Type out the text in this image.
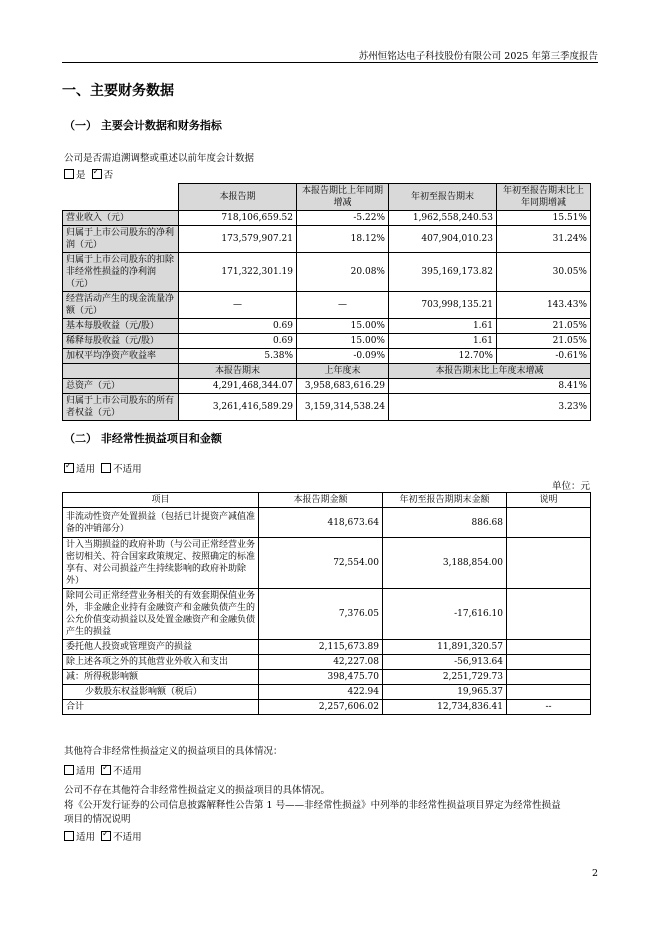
苏州恒铭达电子科技股份有限公司 2025 年第三季度报告
一、主要财务数据
（一） 主要会计数据和财务指标
公司是否需追溯调整或重述以前年度会计数据
是 ✓ 否
	本报告期	本报告期比上年同期增减	年初至报告期末	年初至报告期末比上年同期增减
营业收入（元）	718,106,659.52	-5.22%	1,962,558,240.53	15.51%
归属于上市公司股东的净利润（元）	173,579,907.21	18.12%	407,904,010.23	31.24%
归属于上市公司股东的扣除非经常性损益的净利润（元）	171,322,301.19	20.08%	395,169,173.82	30.05%
经营活动产生的现金流量净额（元）	—	—	703,998,135.21	143.43%
基本每股收益（元/股）	0.69	15.00%	1.61	21.05%
稀释每股收益（元/股）	0.69	15.00%	1.61	21.05%
加权平均净资产收益率	5.38%	-0.09%	12.70%	-0.61%
	本报告期末	上年度末	本报告期末比上年度末增减	
总资产（元）	4,291,468,344.07	3,958,683,616.29	8.41%	
归属于上市公司股东的所有者权益（元）	3,261,416,589.29	3,159,314,538.24	3.23%	
（二） 非经常性损益项目和金额
✓适用 不适用
单位：元
项目	本报告期金额	年初至报告期期末金额	说明
非流动性资产处置损益（包括已计提资产减值准备的冲销部分）	418,673.64	886.68	
计入当期损益的政府补助（与公司正常经营业务密切相关、符合国家政策规定、按照确定的标准享有、对公司损益产生持续影响的政府补助除外）	72,554.00	3,188,854.00	
除同公司正常经营业务相关的有效套期保值业务外，非金融企业持有金融资产和金融负债产生的公允价值变动损益以及处置金融资产和金融负债产生的损益	7,376.05	-17,616.10	
委托他人投资或管理资产的损益	2,115,673.89	11,891,320.57	
除上述各项之外的其他营业外收入和支出	42,227.08	-56,913.64	
减：所得税影响额	398,475.70	2,251,729.73	
少数股东权益影响额（税后）	422.94	19,965.37	
合计	2,257,606.02	12,734,836.41	--
其他符合非经常性损益定义的损益项目的具体情况：
适用 ✓ 不适用
公司不存在其他符合非经常性损益定义的损益项目的具体情况。
将《公开发行证券的公司信息披露解释性公告第 1 号——非经常性损益》中列举的非经常性损益项目界定为经常性损益
项目的情况说明
适用 ✓ 不适用
2
